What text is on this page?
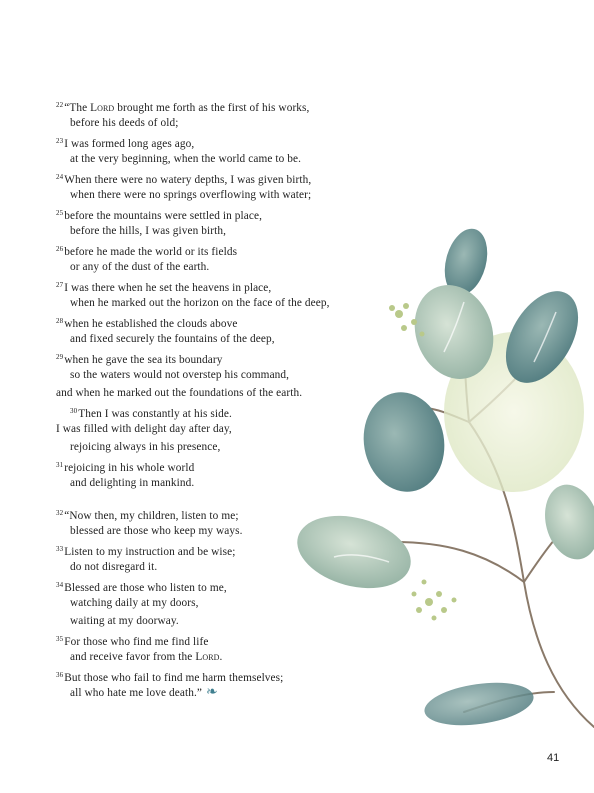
$^{22}$“The Lord brought me forth as the first of his works,
before his deeds of old;
$^{23}$I was formed long ages ago,
at the very beginning, when the world came to be.
$^{24}$When there were no watery depths, I was given birth,
when there were no springs overflowing with water;
$^{25}$before the mountains were settled in place,
before the hills, I was given birth,
$^{26}$before he made the world or its fields
or any of the dust of the earth.
$^{27}$I was there when he set the heavens in place,
when he marked out the horizon on the face of the deep,
$^{28}$when he established the clouds above
and fixed securely the fountains of the deep,
$^{29}$when he gave the sea its boundary
so the waters would not overstep his command,
and when he marked out the foundations of the earth.
$^{30}$Then I was constantly at his side.
I was filled with delight day after day,
rejoicing always in his presence,
$^{31}$rejoicing in his whole world
and delighting in mankind.
$^{32}$“Now then, my children, listen to me;
blessed are those who keep my ways.
$^{33}$Listen to my instruction and be wise;
do not disregard it.
$^{34}$Blessed are those who listen to me,
watching daily at my doors,
waiting at my doorway.
$^{35}$For those who find me find life
and receive favor from the Lord.
$^{36}$But those who fail to find me harm themselves;
all who hate me love death.” ❧
41
